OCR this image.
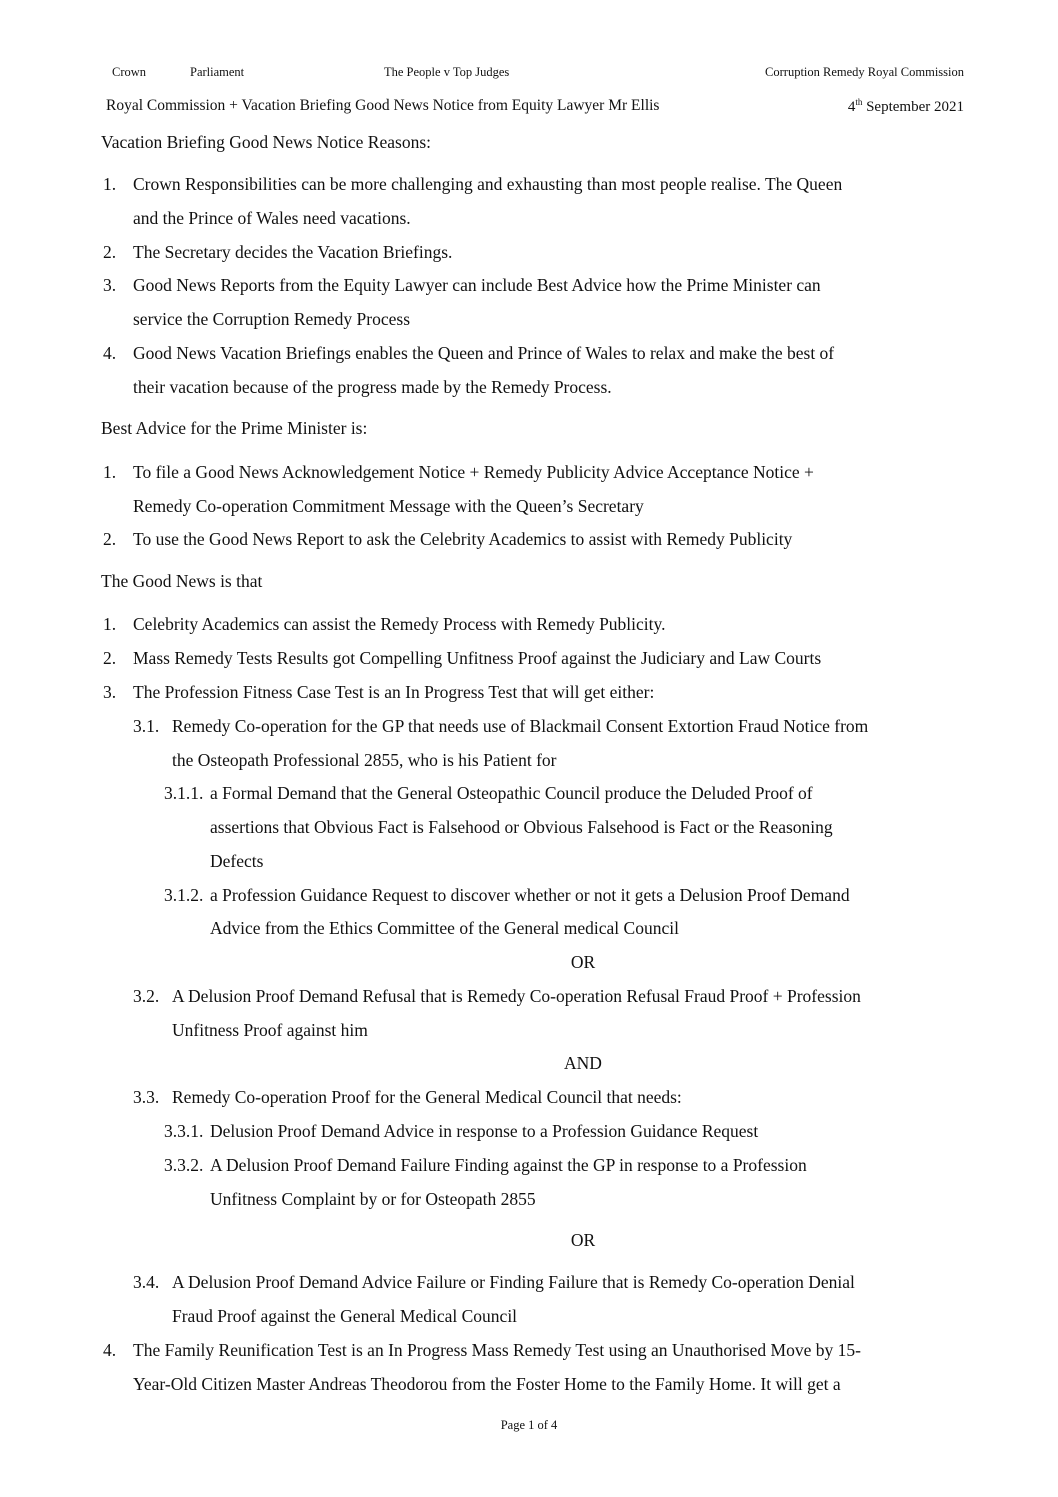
Crown	Parliament	The People v Top Judges	Corruption Remedy Royal Commission
Royal Commission + Vacation Briefing Good News Notice from Equity Lawyer Mr Ellis	4th September 2021
Vacation Briefing Good News Notice Reasons:
1. Crown Responsibilities can be more challenging and exhausting than most people realise. The Queen
and the Prince of Wales need vacations.
2. The Secretary decides the Vacation Briefings.
3. Good News Reports from the Equity Lawyer can include Best Advice how the Prime Minister can
service the Corruption Remedy Process
4. Good News Vacation Briefings enables the Queen and Prince of Wales to relax and make the best of
their vacation because of the progress made by the Remedy Process.
Best Advice for the Prime Minister is:
1. To file a Good News Acknowledgement Notice + Remedy Publicity Advice Acceptance Notice +
Remedy Co-operation Commitment Message with the Queen’s Secretary
2. To use the Good News Report to ask the Celebrity Academics to assist with Remedy Publicity
The Good News is that
1. Celebrity Academics can assist the Remedy Process with Remedy Publicity.
2. Mass Remedy Tests Results got Compelling Unfitness Proof against the Judiciary and Law Courts
3. The Profession Fitness Case Test is an In Progress Test that will get either:
3.1. Remedy Co-operation for the GP that needs use of Blackmail Consent Extortion Fraud Notice from
the Osteopath Professional 2855, who is his Patient for
3.1.1. a Formal Demand that the General Osteopathic Council produce the Deluded Proof of
assertions that Obvious Fact is Falsehood or Obvious Falsehood is Fact or the Reasoning
Defects
3.1.2. a Profession Guidance Request to discover whether or not it gets a Delusion Proof Demand
Advice from the Ethics Committee of the General medical Council
OR
3.2. A Delusion Proof Demand Refusal that is Remedy Co-operation Refusal Fraud Proof + Profession
Unfitness Proof against him
AND
3.3. Remedy Co-operation Proof for the General Medical Council that needs:
3.3.1. Delusion Proof Demand Advice in response to a Profession Guidance Request
3.3.2. A Delusion Proof Demand Failure Finding against the GP in response to a Profession
Unfitness Complaint by or for Osteopath 2855
OR
3.4. A Delusion Proof Demand Advice Failure or Finding Failure that is Remedy Co-operation Denial
Fraud Proof against the General Medical Council
4. The Family Reunification Test is an In Progress Mass Remedy Test using an Unauthorised Move by 15-
Year-Old Citizen Master Andreas Theodorou from the Foster Home to the Family Home. It will get a
Page 1 of 4
